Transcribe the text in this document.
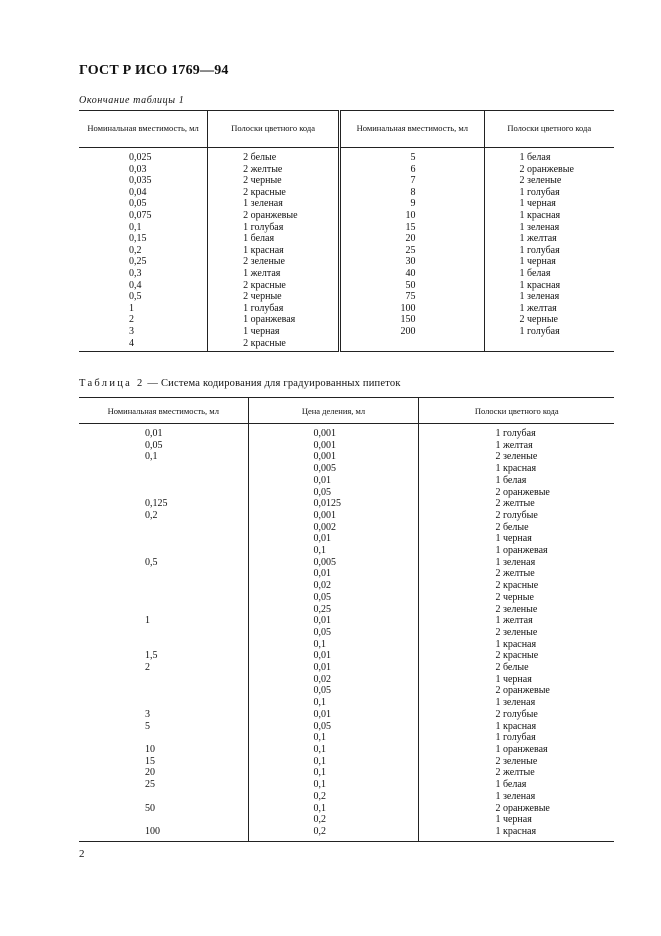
ГОСТ Р ИСО 1769—94
Окончание таблицы 1
Номинальная вместимость, мл	Полоски цветного кода	Номинальная вместимость, мл	Полоски цветного кода
0,025	2 белые	5	1 белая
0,03	2 желтые	6	2 оранжевые
0,035	2 черные	7	2 зеленые
0,04	2 красные	8	1 голубая
0,05	1 зеленая	9	1 черная
0,075	2 оранжевые	10	1 красная
0,1	1 голубая	15	1 зеленая
0,15	1 белая	20	1 желтая
0,2	1 красная	25	1 голубая
0,25	2 зеленые	30	1 черная
0,3	1 желтая	40	1 белая
0,4	2 красные	50	1 красная
0,5	2 черные	75	1 зеленая
1	1 голубая	100	1 желтая
2	1 оранжевая	150	2 черные
3	1 черная	200	1 голубая
4	2 красные		
Таблица 2 — Система кодирования для градуированных пипеток
Номинальная вместимость, мл	Цена деления, мл	Полоски цветного кода
0,01	0,001	1 голубая
0,05	0,001	1 желтая
0,1	0,001	2 зеленые
	0,005	1 красная
	0,01	1 белая
	0,05	2 оранжевые
0,125	0,0125	2 желтые
0,2	0,001	2 голубые
	0,002	2 белые
	0,01	1 черная
	0,1	1 оранжевая
0,5	0,005	1 зеленая
	0,01	2 желтые
	0,02	2 красные
	0,05	2 черные
	0,25	2 зеленые
1	0,01	1 желтая
	0,05	2 зеленые
	0,1	1 красная
1,5	0,01	2 красные
2	0,01	2 белые
	0,02	1 черная
	0,05	2 оранжевые
	0,1	1 зеленая
3	0,01	2 голубые
5	0,05	1 красная
	0,1	1 голубая
10	0,1	1 оранжевая
15	0,1	2 зеленые
20	0,1	2 желтые
25	0,1	1 белая
	0,2	1 зеленая
50	0,1	2 оранжевые
	0,2	1 черная
100	0,2	1 красная
2
